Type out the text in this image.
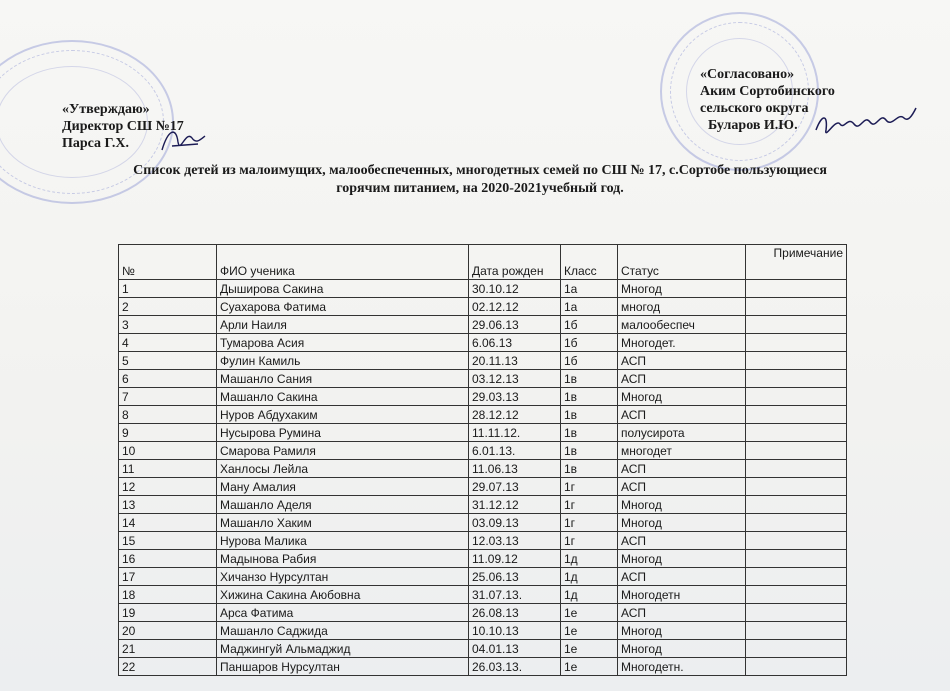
«Утверждаю»
Директор СШ №17
Парса Г.Х.
«Согласовано»
Аким Сортобинского
сельского округа
Буларов И.Ю.
Список детей из малоимущих, малообеспеченных, многодетных семей по СШ № 17, с.Сортобе пользующиеся
горячим питанием, на 2020-2021учебный год.
№	ФИО ученика	Дата рожден	Класс	Статус	Примечание
1	Дыширова Сакина	30.10.12	1а	Многод	
2	Суахарова Фатима	02.12.12	1а	многод	
3	Арли Наиля	29.06.13	1б	малообеспеч	
4	Тумарова Асия	6.06.13	1б	Многодет.	
5	Фулин Камиль	20.11.13	1б	АСП	
6	Машанло Сания	03.12.13	1в	АСП	
7	Машанло Сакина	29.03.13	1в	Многод	
8	Нуров Абдухаким	28.12.12	1в	АСП	
9	Нусырова Румина	11.11.12.	1в	полусирота	
10	Смарова Рамиля	6.01.13.	1в	многодет	
11	Ханлосы Лейла	11.06.13	1в	АСП	
12	Ману Амалия	29.07.13	1г	АСП	
13	Машанло Аделя	31.12.12	1г	Многод	
14	Машанло Хаким	03.09.13	1г	Многод	
15	Нурова Малика	12.03.13	1г	АСП	
16	Мадынова Рабия	11.09.12	1д	Многод	
17	Хичанзо Нурсултан	25.06.13	1д	АСП	
18	Хижина Сакина Аюбовна	31.07.13.	1д	Многодетн	
19	Арса Фатима	26.08.13	1е	АСП	
20	Машанло Саджида	10.10.13	1е	Многод	
21	Маджингуй Альмаджид	04.01.13	1е	Многод	
22	Паншаров Нурсултан	26.03.13.	1е	Многодетн.	
